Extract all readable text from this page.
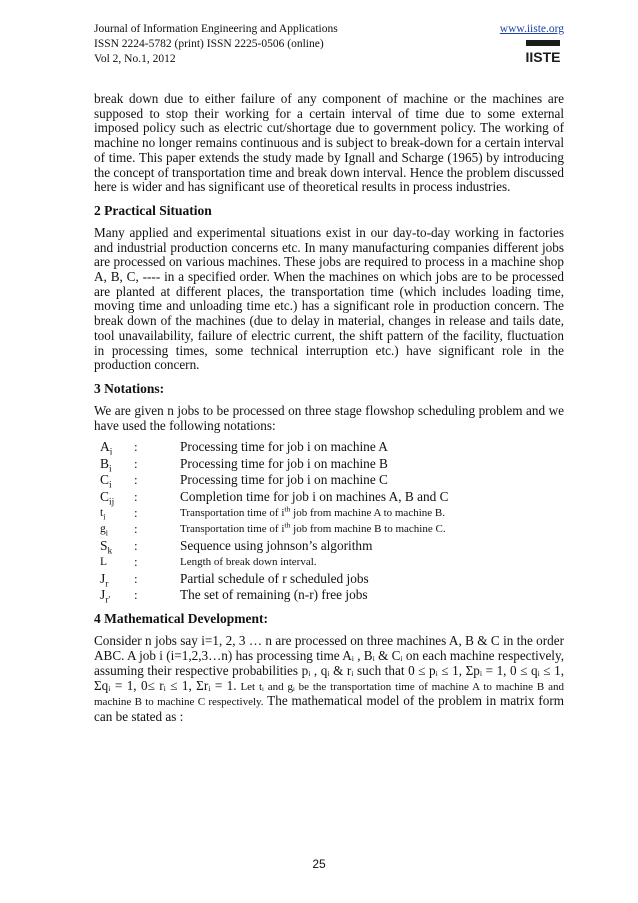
Journal of Information Engineering and Applications
ISSN 2224-5782 (print) ISSN 2225-0506 (online)
Vol 2, No.1, 2012
www.iiste.org
IISTE

break down due to either failure of any component of machine or the machines are supposed to stop their working for a certain interval of time due to some external imposed policy such as electric cut/shortage due to government policy. The working of machine no longer remains continuous and is subject to break-down for a certain interval of time. This paper extends the study made by Ignall and Scharge (1965) by introducing the concept of transportation time and break down interval. Hence the problem discussed here is wider and has significant use of theoretical results in process industries.

2 Practical Situation

Many applied and experimental situations exist in our day-to-day working in factories and industrial production concerns etc. In many manufacturing companies different jobs are processed on various machines. These jobs are required to process in a machine shop A, B, C, ---- in a specified order. When the machines on which jobs are to be processed are planted at different places, the transportation time (which includes loading time, moving time and unloading time etc.) has a significant role in production concern. The break down of the machines (due to delay in material, changes in release and tails date, tool unavailability, failure of electric current, the shift pattern of the facility, fluctuation in processing times, some technical interruption etc.) have significant role in the production concern.

3 Notations:

We are given n jobs to be processed on three stage flowshop scheduling problem and we have used the following notations:

$A_i$	:	Processing time for job i on machine A
$B_i$	:	Processing time for job i on machine B
$C_i$	:	Processing time for job i on machine C
$C_{ij}$	:	Completion time for job i on machines A, B and C
$t_i$	:	Transportation time of $i^{th}$ job from machine A to machine B.
$g_i$	:	Transportation time of $i^{th}$ job from machine B to machine C.
$S_k$	:	Sequence using johnson’s algorithm
L	:	Length of break down interval.
$J_r$	:	Partial schedule of r scheduled jobs
$J_{r'}$	:	The set of remaining (n-r) free jobs
4 Mathematical Development:

Consider n jobs say i=1, 2, 3 … n are processed on three machines A, B & C in the order ABC. A job i (i=1,2,3…n) has processing time Aᵢ , Bᵢ & Cᵢ on each machine respectively, assuming their respective probabilities pᵢ , qᵢ & rᵢ such that 0 ≤ pᵢ ≤ 1, Σpᵢ = 1, 0 ≤ qᵢ ≤ 1, Σqᵢ = 1, 0≤ rᵢ ≤ 1, Σrᵢ = 1. Let tᵢ and gᵢ be the transportation time of machine A to machine B and machine B to machine C respectively. The mathematical model of the problem in matrix form can be stated as :

25
